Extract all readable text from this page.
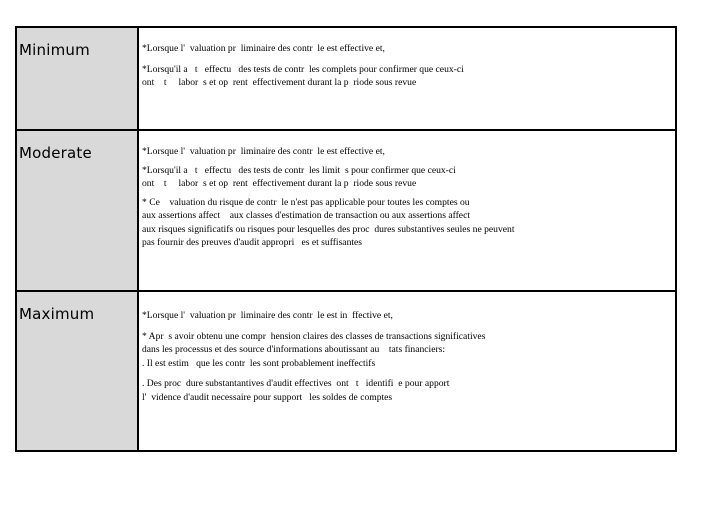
Minimum	*Lorsque l'  valuation pr  liminaire des contr  le est effective et,

*Lorsqu'il a   t   effectu   des tests de contr  les complets pour confirmer que ceux-ci
ont    t     labor  s et op  rent  effectivement durant la p  riode sous revue

Moderate	*Lorsque l'  valuation pr  liminaire des contr  le est effective et,

*Lorsqu'il a   t   effectu   des tests de contr  les limit  s pour confirmer que ceux-ci
ont    t     labor  s et op  rent  effectivement durant la p  riode sous revue

* Ce    valuation du risque de contr  le n'est pas applicable pour toutes les comptes ou
aux assertions affect    aux classes d'estimation de transaction ou aux assertions affect
aux risques significatifs ou risques pour lesquelles des proc  dures substantives seules ne peuvent
pas fournir des preuves d'audit appropri   es et suffisantes

Maximum	*Lorsque l'  valuation pr  liminaire des contr  le est in  ffective et,

* Apr  s avoir obtenu une compr  hension claires des classes de transactions significatives
dans les processus et des source d'informations aboutissant au    tats financiers:
. Il est estim   que les contr  les sont probablement ineffectifs

. Des proc  dure substantantives d'audit effectives  ont   t   identifi  e pour apport
l'  vidence d'audit necessaire pour support   les soldes de comptes
